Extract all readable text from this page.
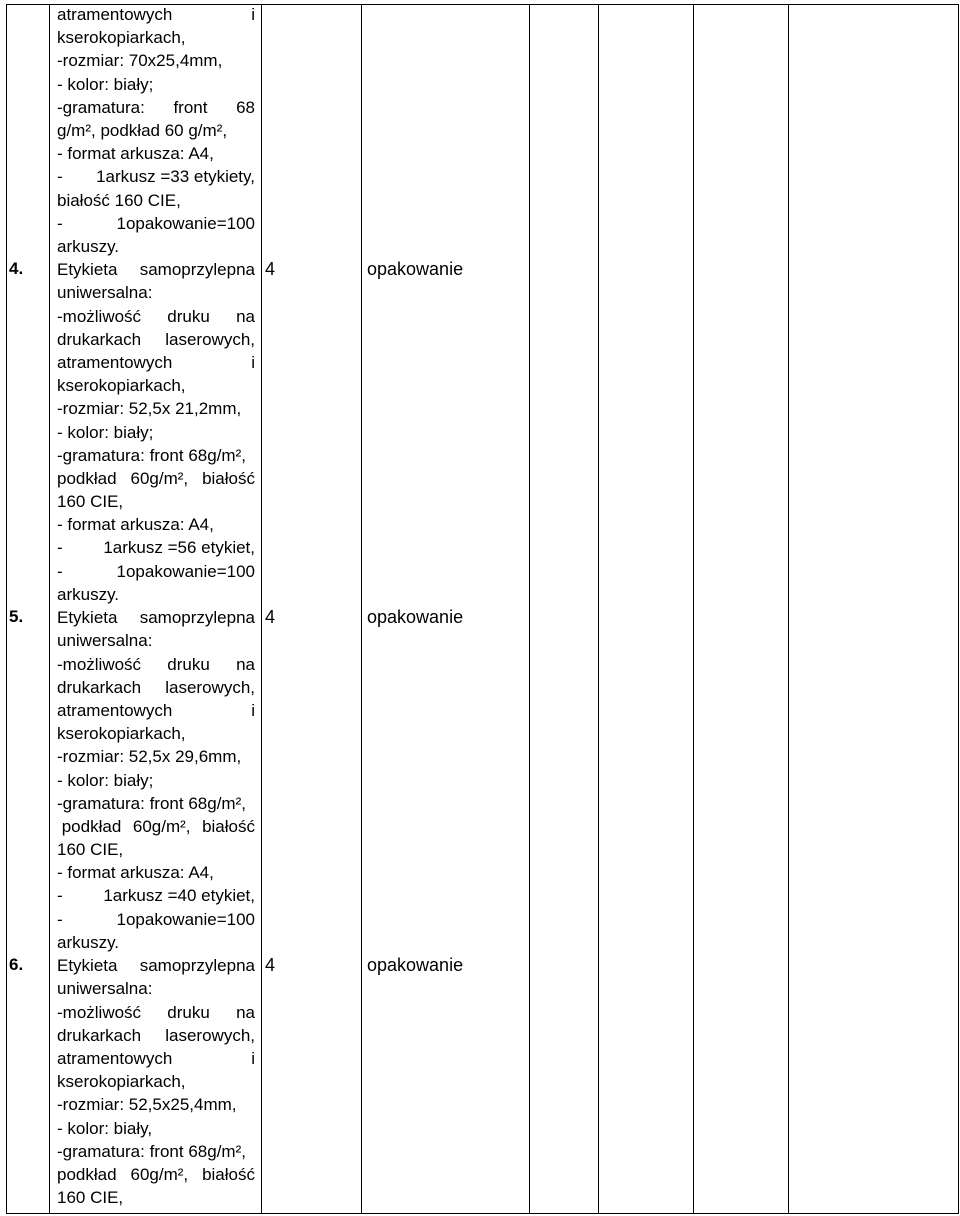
atramentowych	i
kserokopiarkach,
-rozmiar: 70x25,4mm,
- kolor: biały;
-gramatura: front 68
g/m², podkład 60 g/m²,
- format arkusza: A4,
- 1arkusz =33 etykiety,
białość 160 CIE,
-	1opakowanie=100
arkuszy.
4. Etykieta samoprzylepna
uniwersalna:
-możliwość druku na
drukarkach laserowych,
atramentowych	i
kserokopiarkach,
-rozmiar: 52,5x 21,2mm,
- kolor: biały;
-gramatura: front 68g/m²,
podkład 60g/m², białość
160 CIE,
- format arkusza: A4,
- 1arkusz =56 etykiet,
-	1opakowanie=100
arkuszy.
4	opakowanie
5. Etykieta samoprzylepna
uniwersalna:
-możliwość druku na
drukarkach laserowych,
atramentowych	i
kserokopiarkach,
-rozmiar: 52,5x 29,6mm,
- kolor: biały;
-gramatura: front 68g/m²,
podkład 60g/m², białość
160 CIE,
- format arkusza: A4,
- 1arkusz =40 etykiet,
-	1opakowanie=100
arkuszy.
4	opakowanie
6. Etykieta samoprzylepna
uniwersalna:
-możliwość druku na
drukarkach laserowych,
atramentowych	i
kserokopiarkach,
-rozmiar: 52,5x25,4mm,
- kolor: biały,
-gramatura: front 68g/m²,
podkład 60g/m², białość
160 CIE,
4	opakowanie
